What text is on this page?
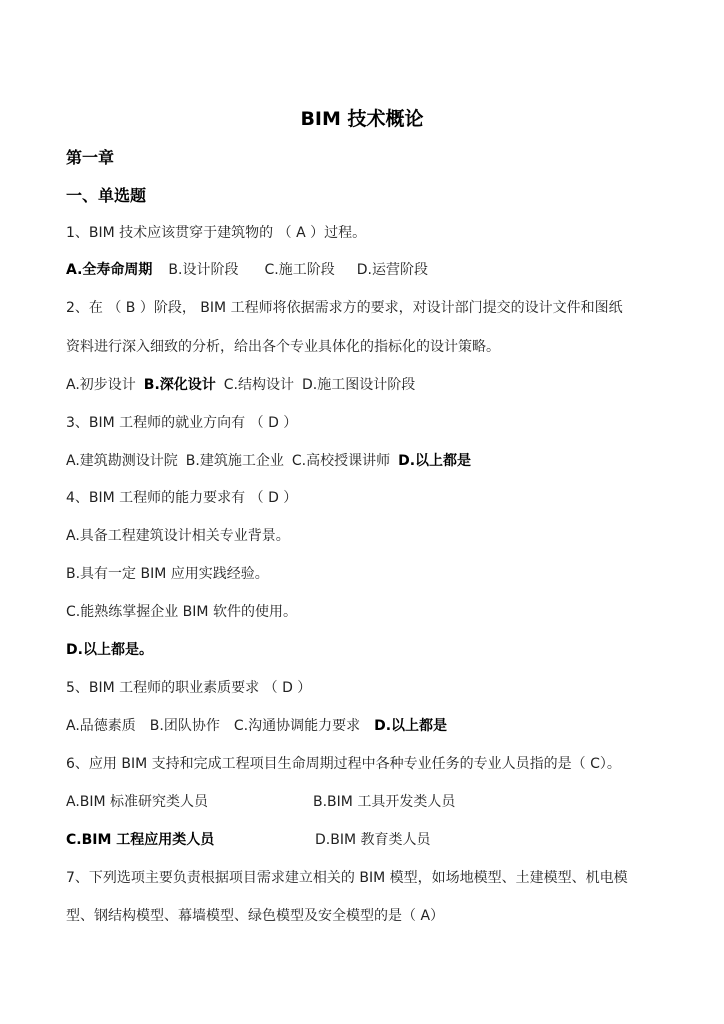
BIM 技术概论
第一章
一、单选题
1、BIM 技术应该贯穿于建筑物的 （ A ）过程。
A.全寿命周期 B.设计阶段 C.施工阶段 D.运营阶段
2、在 （ B ）阶段， BIM 工程师将依据需求方的要求，对设计部门提交的设计文件和图纸
资料进行深入细致的分析，给出各个专业具体化的指标化的设计策略。
A.初步设计 B.深化设计 C.结构设计 D.施工图设计阶段
3、BIM 工程师的就业方向有 （ D ）
A.建筑勘测设计院 B.建筑施工企业 C.高校授课讲师 D.以上都是
4、BIM 工程师的能力要求有 （ D ）
A.具备工程建筑设计相关专业背景。
B.具有一定 BIM 应用实践经验。
C.能熟练掌握企业 BIM 软件的使用。
D.以上都是。
5、BIM 工程师的职业素质要求 （ D ）
A.品德素质 B.团队协作 C.沟通协调能力要求 D.以上都是
6、应用 BIM 支持和完成工程项目生命周期过程中各种专业任务的专业人员指的是（ C）。
A.BIM 标准研究类人员	B.BIM 工具开发类人员
C.BIM 工程应用类人员	D.BIM 教育类人员
7、下列选项主要负责根据项目需求建立相关的 BIM 模型，如场地模型、土建模型、机电模
型、钢结构模型、幕墙模型、绿色模型及安全模型的是（ A）
